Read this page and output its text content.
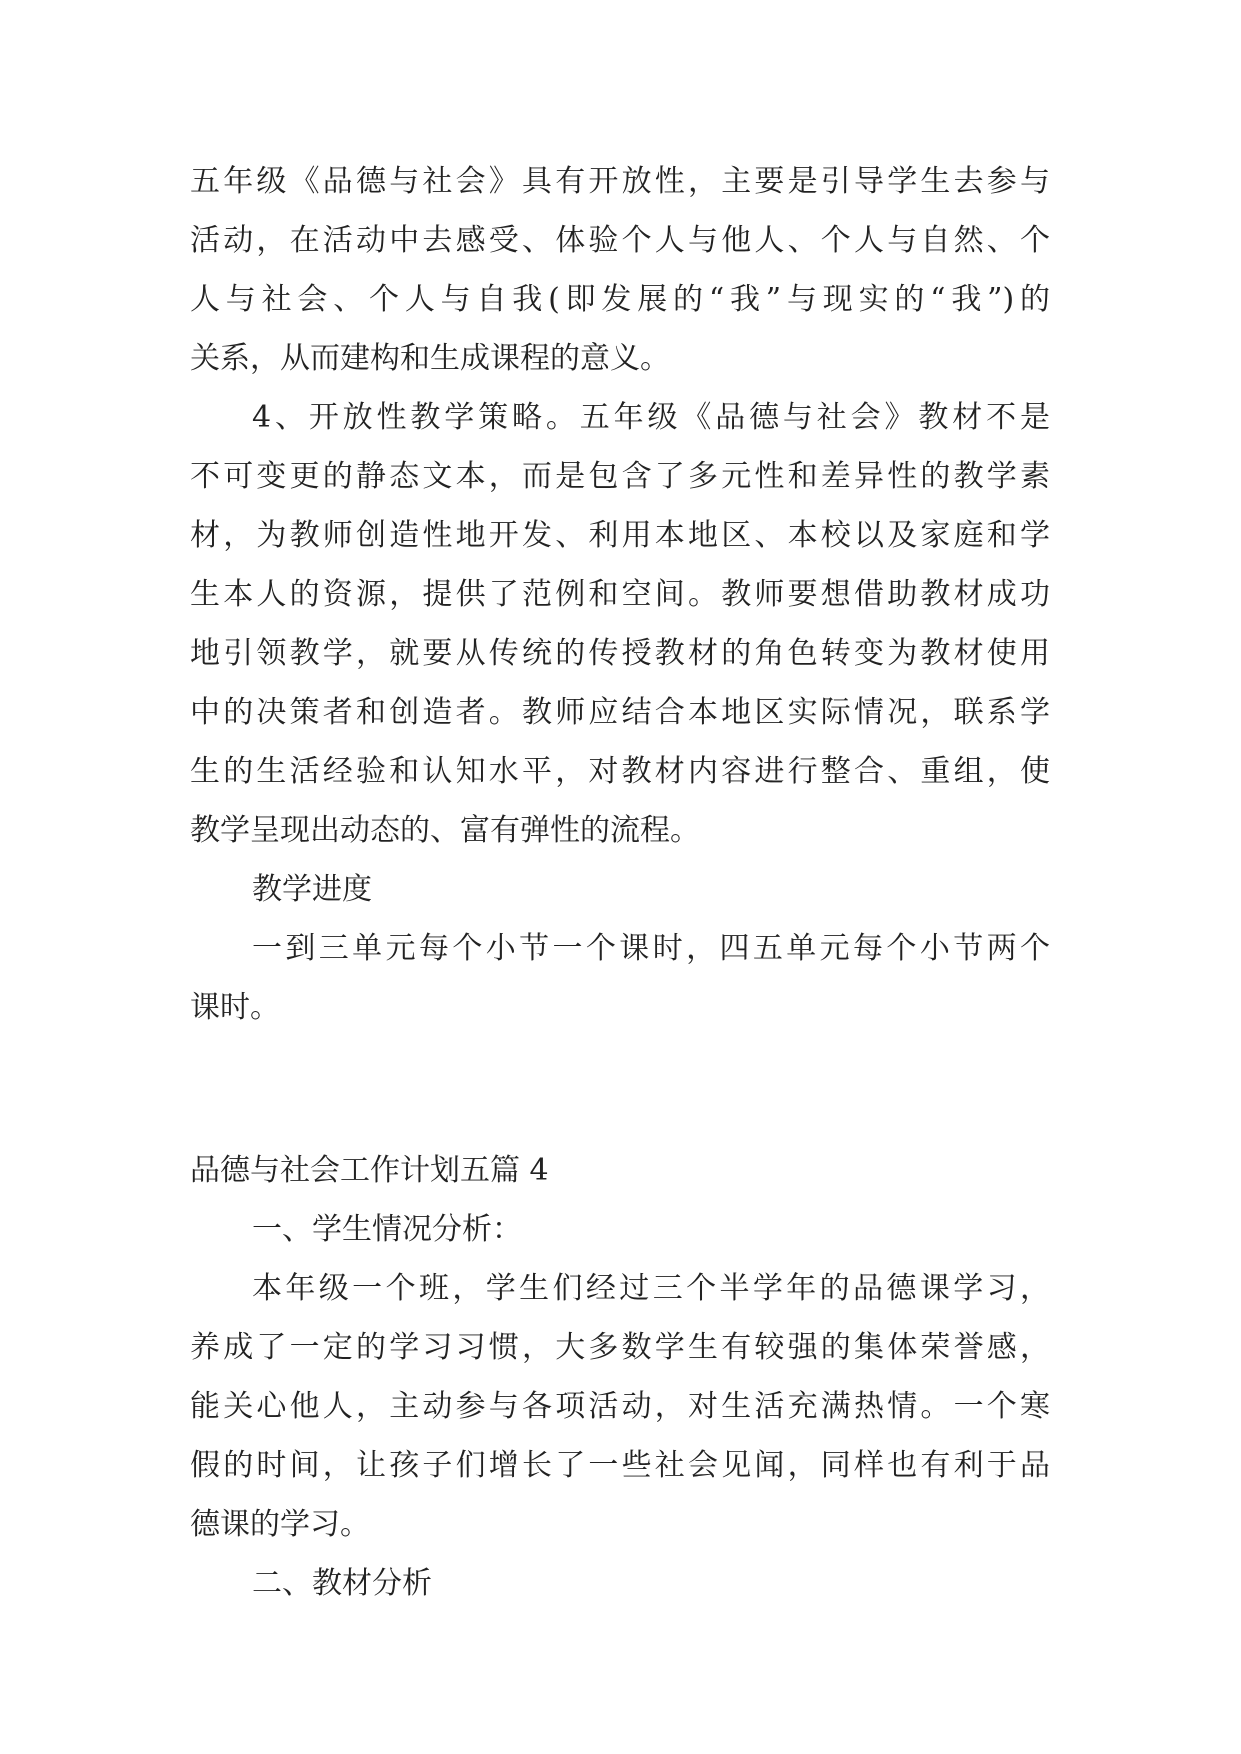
五年级《品德与社会》具有开放性，主要是引导学生去参与
活动，在活动中去感受、体验个人与他人、个人与自然、个
人与社会、个人与自我(即发展的“我”与现实的“我”)的
关系，从而建构和生成课程的意义。
4、开放性教学策略。五年级《品德与社会》教材不是
不可变更的静态文本，而是包含了多元性和差异性的教学素
材，为教师创造性地开发、利用本地区、本校以及家庭和学
生本人的资源，提供了范例和空间。教师要想借助教材成功
地引领教学，就要从传统的传授教材的角色转变为教材使用
中的决策者和创造者。教师应结合本地区实际情况，联系学
生的生活经验和认知水平，对教材内容进行整合、重组，使
教学呈现出动态的、富有弹性的流程。
教学进度
一到三单元每个小节一个课时，四五单元每个小节两个
课时。
品德与社会工作计划五篇 4
一、学生情况分析：
本年级一个班，学生们经过三个半学年的品德课学习，
养成了一定的学习习惯，大多数学生有较强的集体荣誉感，
能关心他人，主动参与各项活动，对生活充满热情。一个寒
假的时间，让孩子们增长了一些社会见闻，同样也有利于品
德课的学习。
二、教材分析
